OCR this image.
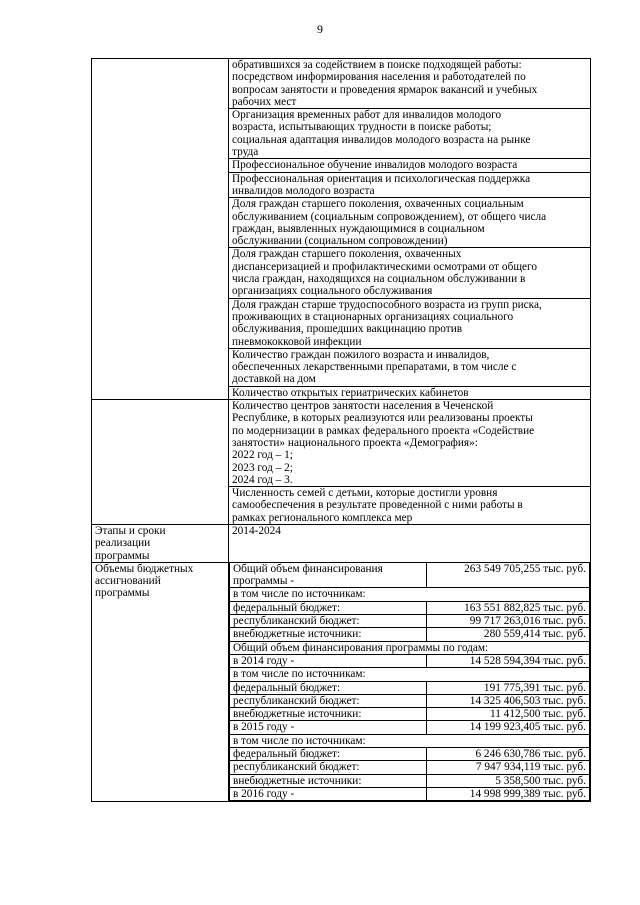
9

обратившихся за содействием в поиске подходящей работы:
посредством информирования населения и работодателей по
вопросам занятости и проведения ярмарок вакансий и учебных
рабочих мест
Организация временных работ для инвалидов молодого
возраста, испытывающих трудности в поиске работы;
социальная адаптация инвалидов молодого возраста на рынке
труда
Профессиональное обучение инвалидов молодого возраста
Профессиональная ориентация и психологическая поддержка
инвалидов молодого возраста
Доля граждан старшего поколения, охваченных социальным
обслуживанием (социальным сопровождением), от общего числа
граждан, выявленных нуждающимися в социальном
обслуживании (социальном сопровождении)
Доля граждан старшего поколения, охваченных
диспансеризацией и профилактическими осмотрами от общего
числа граждан, находящихся на социальном обслуживании в
организациях социального обслуживания
Доля граждан старше трудоспособного возраста из групп риска,
проживающих в стационарных организациях социального
обслуживания, прошедших вакцинацию против
пневмококковой инфекции
Количество граждан пожилого возраста и инвалидов,
обеспеченных лекарственными препаратами, в том числе с
доставкой на дом
Количество открытых гериатрических кабинетов

Количество центров занятости населения в Чеченской
Республике, в которых реализуются или реализованы проекты
по модернизации в рамках федерального проекта «Содействие
занятости» национального проекта «Демография»:
2022 год – 1;
2023 год – 2;
2024 год – 3.
Численность семей с детьми, которые достигли уровня
самообеспечения в результате проведенной с ними работы в
рамках регионального комплекса мер

Этапы и сроки
реализации
программы	2014-2024
Объемы бюджетных
ассигнований
программы	
Общий объем финансирования
программы -	263 549 705,255 тыс. руб.
в том числе по источникам:
федеральный бюджет:	163 551 882,825 тыс. руб.
республиканский бюджет:	99 717 263,016 тыс. руб.
внебюджетные источники:	280 559,414 тыс. руб.
Общий объем финансирования программы по годам:
в 2014 году -	14 528 594,394 тыс. руб.
в том числе по источникам:
федеральный бюджет:	191 775,391 тыс. руб.
республиканский бюджет:	14 325 406,503 тыс. руб.
внебюджетные источники:	11 412,500 тыс. руб.
в 2015 году -	14 199 923,405 тыс. руб.
в том числе по источникам:
федеральный бюджет:	6 246 630,786 тыс. руб.
республиканский бюджет:	7 947 934,119 тыс. руб.
внебюджетные источники:	5 358,500 тыс. руб.
в 2016 году -	14 998 999,389 тыс. руб.
